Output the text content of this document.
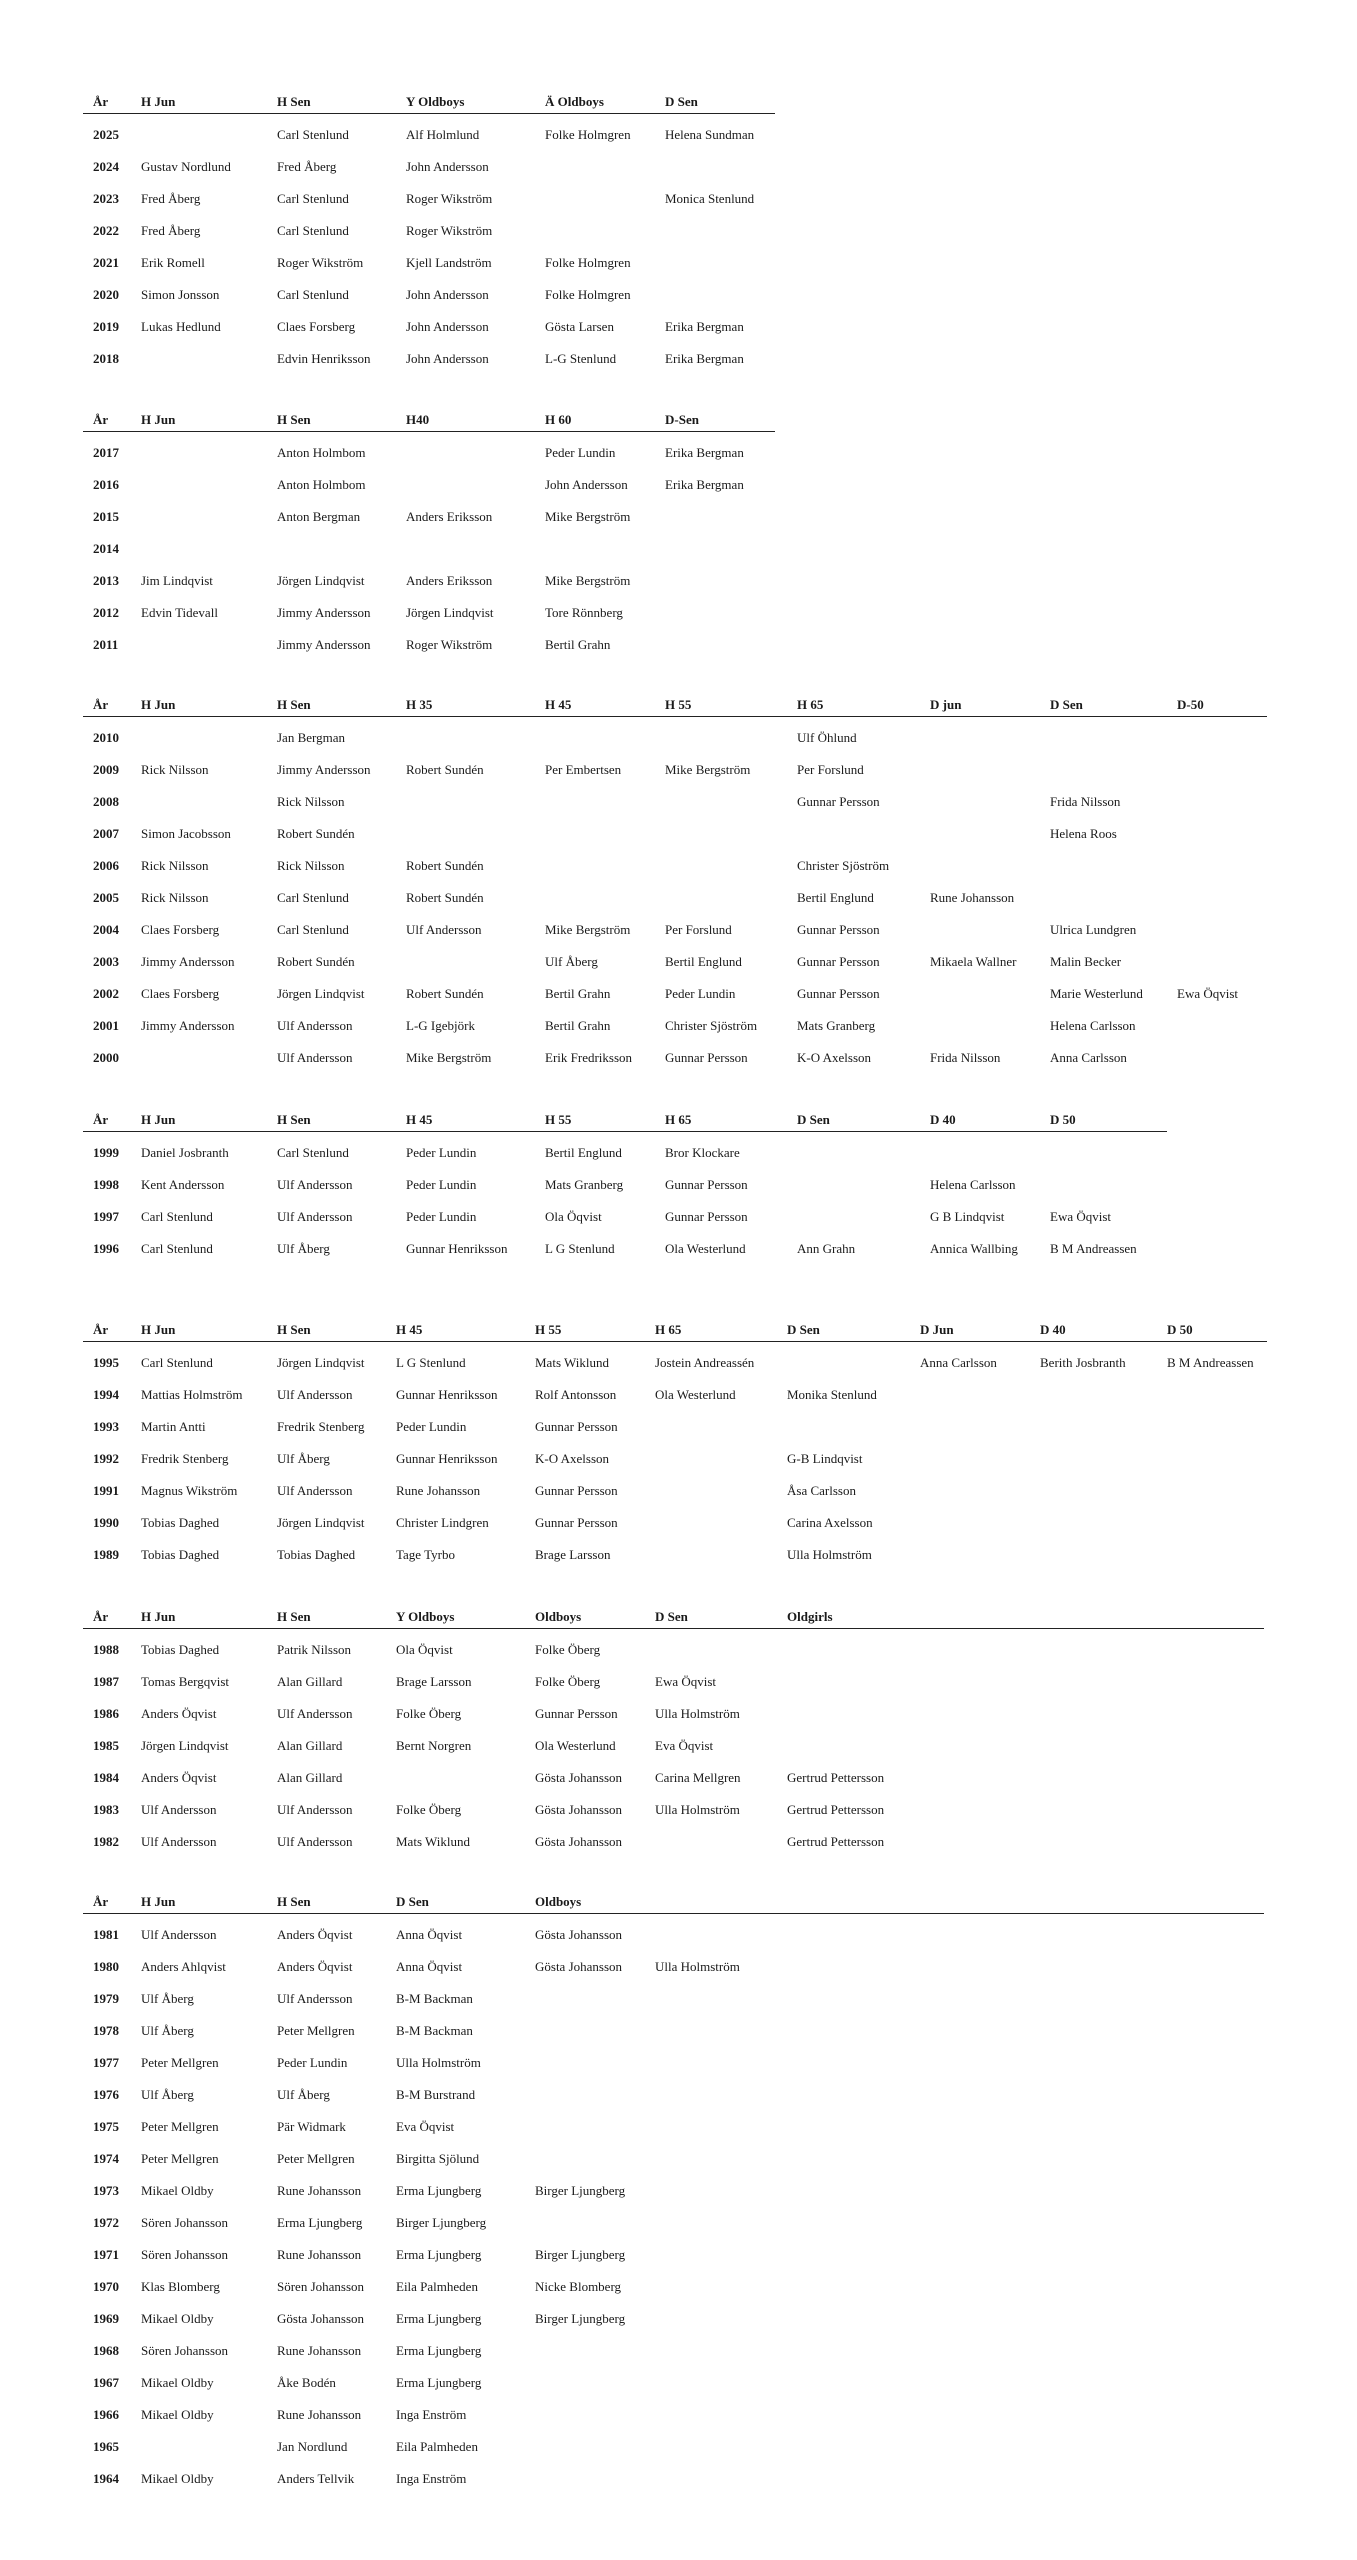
År	H Jun	H Sen	Y Oldboys	Ä Oldboys	D Sen
2025		Carl Stenlund	Alf Holmlund	Folke Holmgren	Helena Sundman
2024	Gustav Nordlund	Fred Åberg	John Andersson		
2023	Fred Åberg	Carl Stenlund	Roger Wikström		Monica Stenlund
2022	Fred Åberg	Carl Stenlund	Roger Wikström		
2021	Erik Romell	Roger Wikström	Kjell Landström	Folke Holmgren	
2020	Simon Jonsson	Carl Stenlund	John Andersson	Folke Holmgren	
2019	Lukas Hedlund	Claes Forsberg	John Andersson	Gösta Larsen	Erika Bergman
2018		Edvin Henriksson	John Andersson	L-G Stenlund	Erika Bergman
År	H Jun	H Sen	H40	H 60	D-Sen
2017		Anton Holmbom		Peder Lundin	Erika Bergman
2016		Anton Holmbom		John Andersson	Erika Bergman
2015		Anton Bergman	Anders Eriksson	Mike Bergström	
2014					
2013	Jim Lindqvist	Jörgen Lindqvist	Anders Eriksson	Mike Bergström	
2012	Edvin Tidevall	Jimmy Andersson	Jörgen Lindqvist	Tore Rönnberg	
2011		Jimmy Andersson	Roger Wikström	Bertil Grahn	
År	H Jun	H Sen	H 35	H 45	H 55	H 65	D jun	D Sen	D-50
2010		Jan Bergman				Ulf Öhlund			
2009	Rick Nilsson	Jimmy Andersson	Robert Sundén	Per Embertsen	Mike Bergström	Per Forslund			
2008		Rick Nilsson				Gunnar Persson		Frida Nilsson	
2007	Simon Jacobsson	Robert Sundén						Helena Roos	
2006	Rick Nilsson	Rick Nilsson	Robert Sundén			Christer Sjöström			
2005	Rick Nilsson	Carl Stenlund	Robert Sundén			Bertil Englund	Rune Johansson		
2004	Claes Forsberg	Carl Stenlund	Ulf Andersson	Mike Bergström	Per Forslund	Gunnar Persson		Ulrica Lundgren	
2003	Jimmy Andersson	Robert Sundén		Ulf Åberg	Bertil Englund	Gunnar Persson	Mikaela Wallner	Malin Becker	
2002	Claes Forsberg	Jörgen Lindqvist	Robert Sundén	Bertil Grahn	Peder Lundin	Gunnar Persson		Marie Westerlund	Ewa Öqvist
2001	Jimmy Andersson	Ulf Andersson	L-G Igebjörk	Bertil Grahn	Christer Sjöström	Mats Granberg		Helena Carlsson	
2000		Ulf Andersson	Mike Bergström	Erik Fredriksson	Gunnar Persson	K-O Axelsson	Frida Nilsson	Anna Carlsson	
År	H Jun	H Sen	H 45	H 55	H 65	D Sen	D 40	D 50
1999	Daniel Josbranth	Carl Stenlund	Peder Lundin	Bertil Englund	Bror Klockare			
1998	Kent Andersson	Ulf Andersson	Peder Lundin	Mats Granberg	Gunnar Persson		Helena Carlsson	
1997	Carl Stenlund	Ulf Andersson	Peder Lundin	Ola Öqvist	Gunnar Persson		G B Lindqvist	Ewa Öqvist
1996	Carl Stenlund	Ulf Åberg	Gunnar Henriksson	L G Stenlund	Ola Westerlund	Ann Grahn	Annica Wallbing	B M Andreassen
År	H Jun	H Sen	H 45	H 55	H 65	D Sen	D Jun	D 40	D 50
1995	Carl Stenlund	Jörgen Lindqvist	L G Stenlund	Mats Wiklund	Jostein Andreassén		Anna Carlsson	Berith Josbranth	B M Andreassen
1994	Mattias Holmström	Ulf Andersson	Gunnar Henriksson	Rolf Antonsson	Ola Westerlund	Monika Stenlund			
1993	Martin Antti	Fredrik Stenberg	Peder Lundin	Gunnar Persson					
1992	Fredrik Stenberg	Ulf Åberg	Gunnar Henriksson	K-O Axelsson		G-B Lindqvist			
1991	Magnus Wikström	Ulf Andersson	Rune Johansson	Gunnar Persson		Åsa Carlsson			
1990	Tobias Daghed	Jörgen Lindqvist	Christer Lindgren	Gunnar Persson		Carina Axelsson			
1989	Tobias Daghed	Tobias Daghed	Tage Tyrbo	Brage Larsson		Ulla Holmström			
År	H Jun	H Sen	Y Oldboys	Oldboys	D Sen	Oldgirls
1988	Tobias Daghed	Patrik Nilsson	Ola Öqvist	Folke Öberg		
1987	Tomas Bergqvist	Alan Gillard	Brage Larsson	Folke Öberg	Ewa Öqvist	
1986	Anders Öqvist	Ulf Andersson	Folke Öberg	Gunnar Persson	Ulla Holmström	
1985	Jörgen Lindqvist	Alan Gillard	Bernt Norgren	Ola Westerlund	Eva Öqvist	
1984	Anders Öqvist	Alan Gillard		Gösta Johansson	Carina Mellgren	Gertrud Pettersson
1983	Ulf Andersson	Ulf Andersson	Folke Öberg	Gösta Johansson	Ulla Holmström	Gertrud Pettersson
1982	Ulf Andersson	Ulf Andersson	Mats Wiklund	Gösta Johansson		Gertrud Pettersson
År	H Jun	H Sen	D Sen	Oldboys	
1981	Ulf Andersson	Anders Öqvist	Anna Öqvist	Gösta Johansson	
1980	Anders Ahlqvist	Anders Öqvist	Anna Öqvist	Gösta Johansson	Ulla Holmström
1979	Ulf Åberg	Ulf Andersson	B-M Backman		
1978	Ulf Åberg	Peter Mellgren	B-M Backman		
1977	Peter Mellgren	Peder Lundin	Ulla Holmström		
1976	Ulf Åberg	Ulf Åberg	B-M Burstrand		
1975	Peter Mellgren	Pär Widmark	Eva Öqvist		
1974	Peter Mellgren	Peter Mellgren	Birgitta Sjölund		
1973	Mikael Oldby	Rune Johansson	Erma Ljungberg	Birger Ljungberg	
1972	Sören Johansson	Erma Ljungberg	Birger Ljungberg		
1971	Sören Johansson	Rune Johansson	Erma Ljungberg	Birger Ljungberg	
1970	Klas Blomberg	Sören Johansson	Eila Palmheden	Nicke Blomberg	
1969	Mikael Oldby	Gösta Johansson	Erma Ljungberg	Birger Ljungberg	
1968	Sören Johansson	Rune Johansson	Erma Ljungberg		
1967	Mikael Oldby	Åke Bodén	Erma Ljungberg		
1966	Mikael Oldby	Rune Johansson	Inga Enström		
1965		Jan Nordlund	Eila Palmheden		
1964	Mikael Oldby	Anders Tellvik	Inga Enström		
